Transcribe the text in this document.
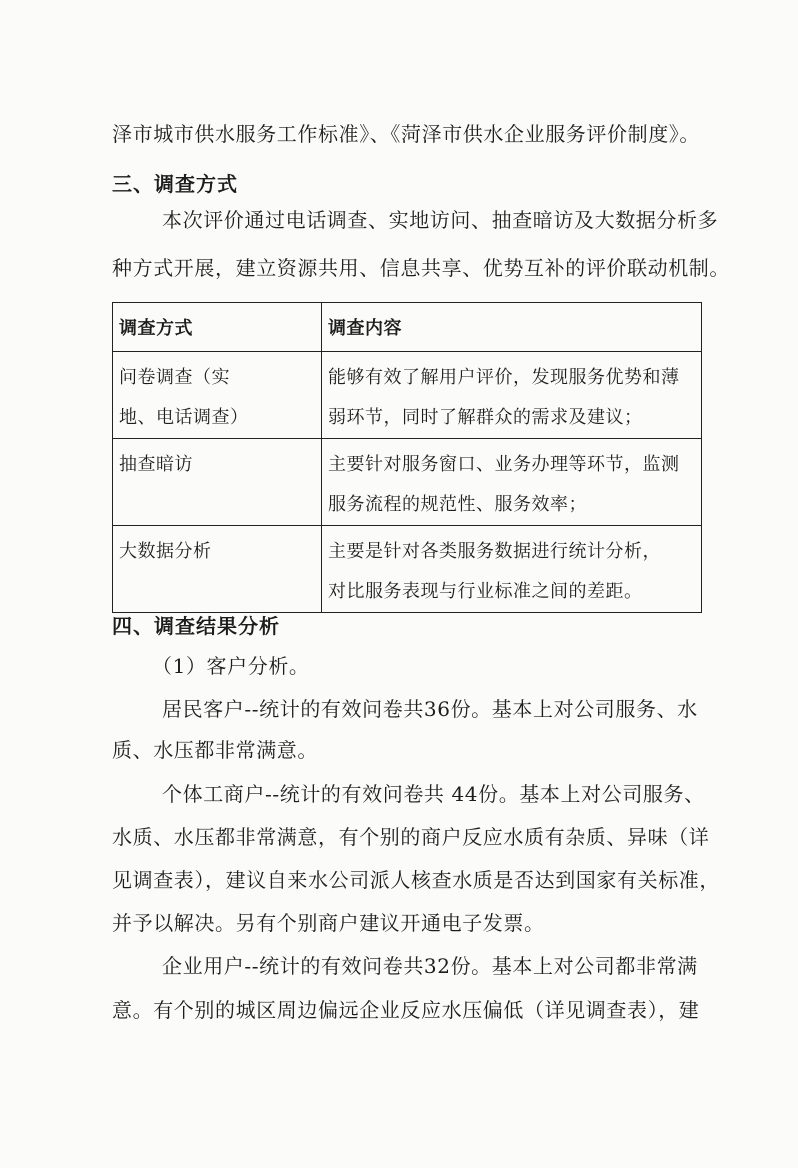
泽市城市供水服务工作标准》、《菏泽市供水企业服务评价制度》。
三、调查方式
本次评价通过电话调查、实地访问、抽查暗访及大数据分析多
种方式开展，建立资源共用、信息共享、优势互补的评价联动机制。
调查方式	调查内容

问卷调查（实
地、电话调查）	能够有效了解用户评价，发现服务优势和薄
弱环节，同时了解群众的需求及建议；

抽查暗访	主要针对服务窗口、业务办理等环节，监测
服务流程的规范性、服务效率；

大数据分析	主要是针对各类服务数据进行统计分析，
对比服务表现与行业标准之间的差距。
四、调查结果分析
（1）客户分析。
居民客户--统计的有效问卷共36份。基本上对公司服务、水
质、水压都非常满意。
个体工商户--统计的有效问卷共 44份。基本上对公司服务、
水质、水压都非常满意，有个别的商户反应水质有杂质、异味（详
见调查表），建议自来水公司派人核查水质是否达到国家有关标准，
并予以解决。另有个别商户建议开通电子发票。
企业用户--统计的有效问卷共32份。基本上对公司都非常满
意。有个别的城区周边偏远企业反应水压偏低（详见调查表），建
